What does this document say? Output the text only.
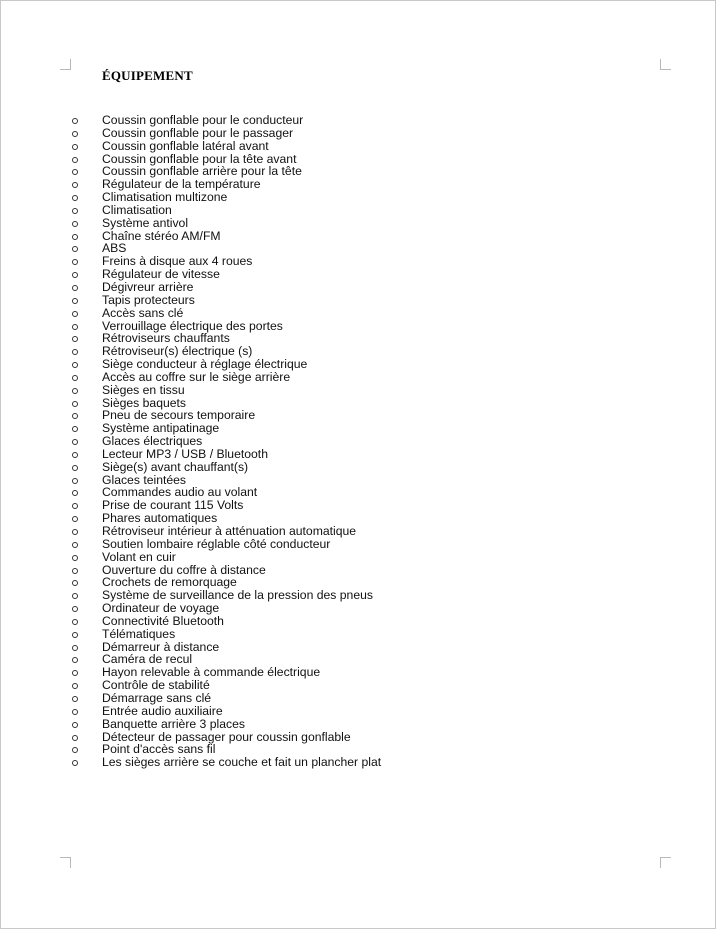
ÉQUIPEMENT
Coussin gonflable pour le conducteur
Coussin gonflable pour le passager
Coussin gonflable latéral avant
Coussin gonflable pour la tête avant
Coussin gonflable arrière pour la tête
Régulateur de la température
Climatisation multizone
Climatisation
Système antivol
Chaîne stéréo AM/FM
ABS
Freins à disque aux 4 roues
Régulateur de vitesse
Dégivreur arrière
Tapis protecteurs
Accès sans clé
Verrouillage électrique des portes
Rétroviseurs chauffants
Rétroviseur(s) électrique (s)
Siège conducteur à réglage électrique
Accès au coffre sur le siège arrière
Sièges en tissu
Sièges baquets
Pneu de secours temporaire
Système antipatinage
Glaces électriques
Lecteur MP3 / USB / Bluetooth
Siège(s) avant chauffant(s)
Glaces teintées
Commandes audio au volant
Prise de courant 115 Volts
Phares automatiques
Rétroviseur intérieur à atténuation automatique
Soutien lombaire réglable côté conducteur
Volant en cuir
Ouverture du coffre à distance
Crochets de remorquage
Système de surveillance de la pression des pneus
Ordinateur de voyage
Connectivité Bluetooth
Télématiques
Démarreur à distance
Caméra de recul
Hayon relevable à commande électrique
Contrôle de stabilité
Démarrage sans clé
Entrée audio auxiliaire
Banquette arrière 3 places
Détecteur de passager pour coussin gonflable
Point d'accès sans fil
Les sièges arrière se couche et fait un plancher plat
